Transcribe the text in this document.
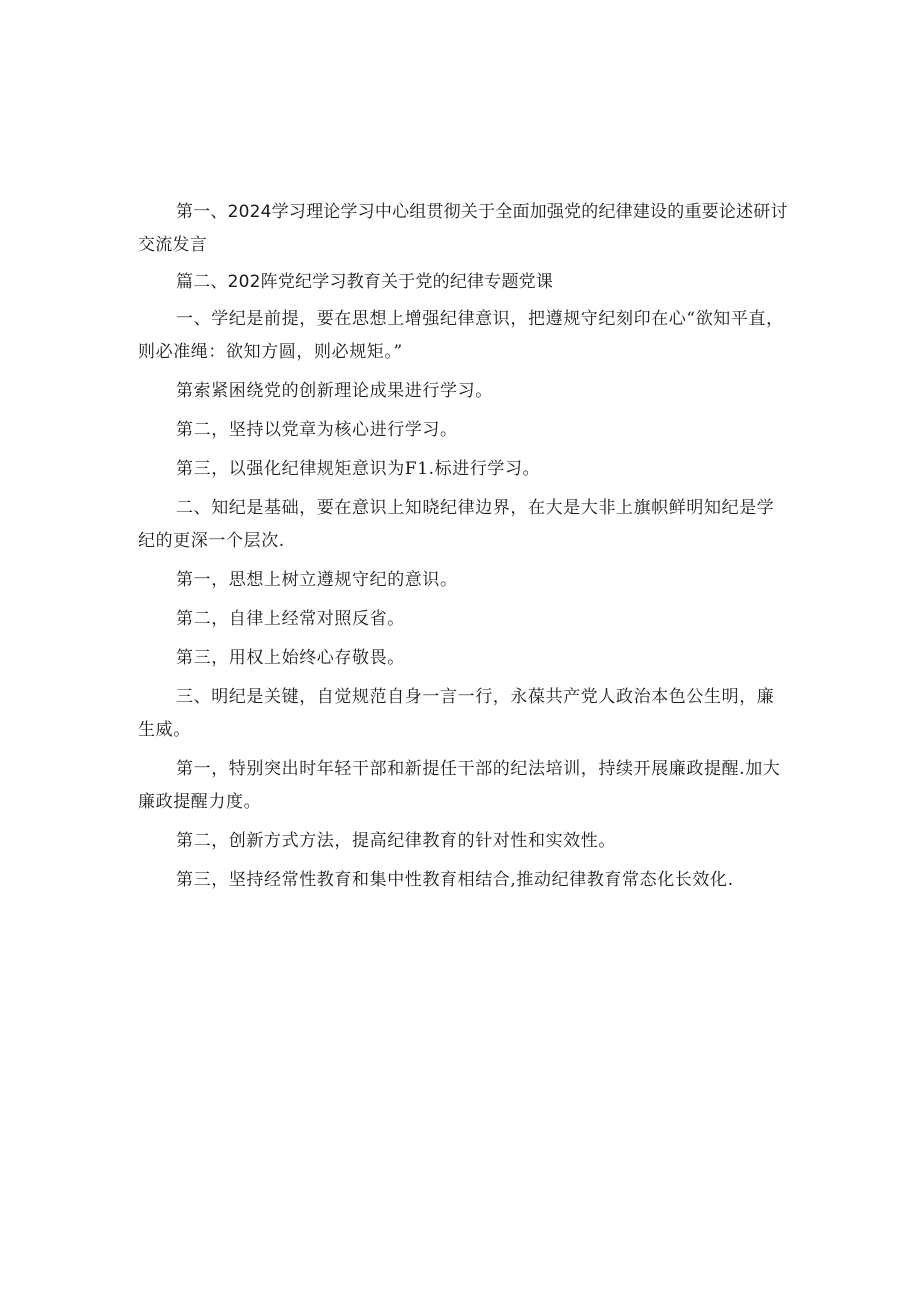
第一、2024学习理论学习中心组贯彻关于全面加强党的纪律建设的重要论述研讨交流发言

篇二、202阵党纪学习教育关于党的纪律专题党课

一、学纪是前提，要在思想上增强纪律意识，把遵规守纪刻印在心“欲知平直，则必准绳：欲知方圆，则必规矩。”

第索紧困绕党的创新理论成果进行学习。

第二，坚持以党章为核心进行学习。

第三，以强化纪律规矩意识为F1.标进行学习。

二、知纪是基础，要在意识上知晓纪律边界，在大是大非上旗帜鲜明知纪是学纪的更深一个层次.

第一，思想上树立遵规守纪的意识。

第二，自律上经常对照反省。

第三，用权上始终心存敬畏。

三、明纪是关键，自觉规范自身一言一行，永葆共产党人政治本色公生明，廉生威。

第一，特别突出时年轻干部和新提任干部的纪法培训，持续开展廉政提醒.加大廉政提醒力度。

第二，创新方式方法，提高纪律教育的针对性和实效性。

第三，坚持经常性教育和集中性教育相结合,推动纪律教育常态化长效化.
